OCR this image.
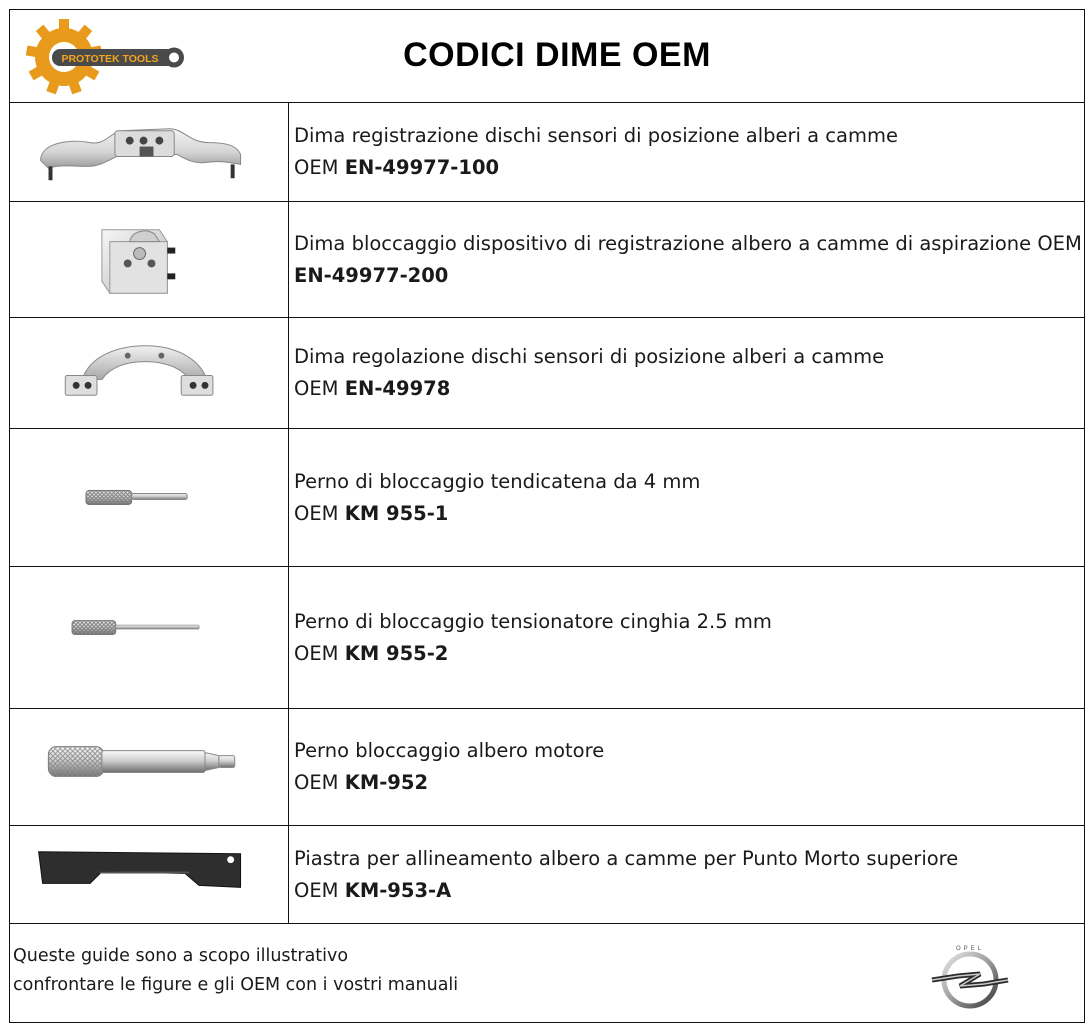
PROTOTEK TOOLS	CODICI DIME OEM
Dima registrazione dischi sensori di posizione alberi a camme
OEM EN-49977-100
Dima bloccaggio dispositivo di registrazione albero a camme di aspirazione OEM
EN-49977-200
Dima regolazione dischi sensori di posizione alberi a camme
OEM EN-49978
Perno di bloccaggio tendicatena da 4 mm
OEM KM 955-1
Perno di bloccaggio tensionatore cinghia 2.5 mm
OEM KM 955-2
Perno bloccaggio albero motore
OEM KM-952
Piastra per allineamento albero a camme per Punto Morto superiore
OEM KM-953-A
Queste guide sono a scopo illustrativo
confrontare le figure e gli OEM con i vostri manuali
OPEL
